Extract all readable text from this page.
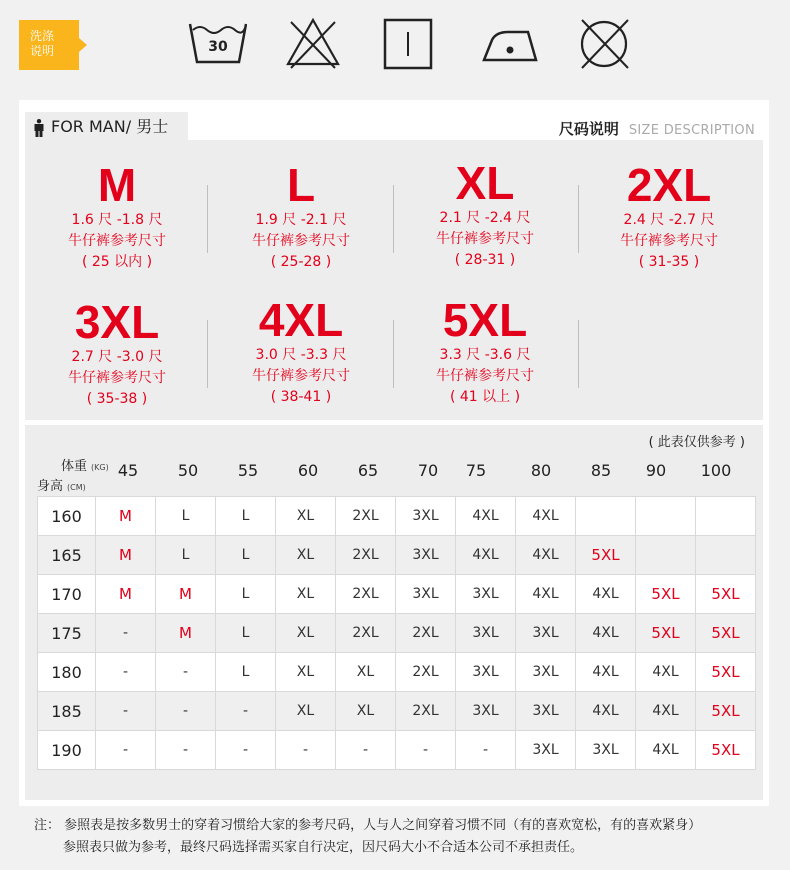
洗涤
说明	30
FOR MAN/ 男士	尺码说明 SIZE DESCRIPTION
M
1.6 尺 -1.8 尺
牛仔裤参考尺寸
( 25 以内 )
L
1.9 尺 -2.1 尺
牛仔裤参考尺寸
( 25-28 )
XL
2.1 尺 -2.4 尺
牛仔裤参考尺寸
( 28-31 )
2XL
2.4 尺 -2.7 尺
牛仔裤参考尺寸
( 31-35 )
3XL
2.7 尺 -3.0 尺
牛仔裤参考尺寸
( 35-38 )
4XL
3.0 尺 -3.3 尺
牛仔裤参考尺寸
( 38-41 )
5XL
3.3 尺 -3.6 尺
牛仔裤参考尺寸
( 41 以上 )
( 此表仅供参考 )
体重 (KG)
身高 (CM)
45	50	55	60	65	70	75	80	85	90	100
160	M	L	L	XL	2XL	3XL	4XL	4XL			
165	M	L	L	XL	2XL	3XL	4XL	4XL	5XL		
170	M	M	L	XL	2XL	3XL	3XL	4XL	4XL	5XL	5XL
175	-	M	L	XL	2XL	2XL	3XL	3XL	4XL	5XL	5XL
180	-	-	L	XL	XL	2XL	3XL	3XL	4XL	4XL	5XL
185	-	-	-	XL	XL	2XL	3XL	3XL	4XL	4XL	5XL
190	-	-	-	-	-	-	-	3XL	3XL	4XL	5XL
注： 参照表是按多数男士的穿着习惯给大家的参考尺码，人与人之间穿着习惯不同（有的喜欢宽松，有的喜欢紧身）
参照表只做为参考，最终尺码选择需买家自行决定，因尺码大小不合适本公司不承担责任。
